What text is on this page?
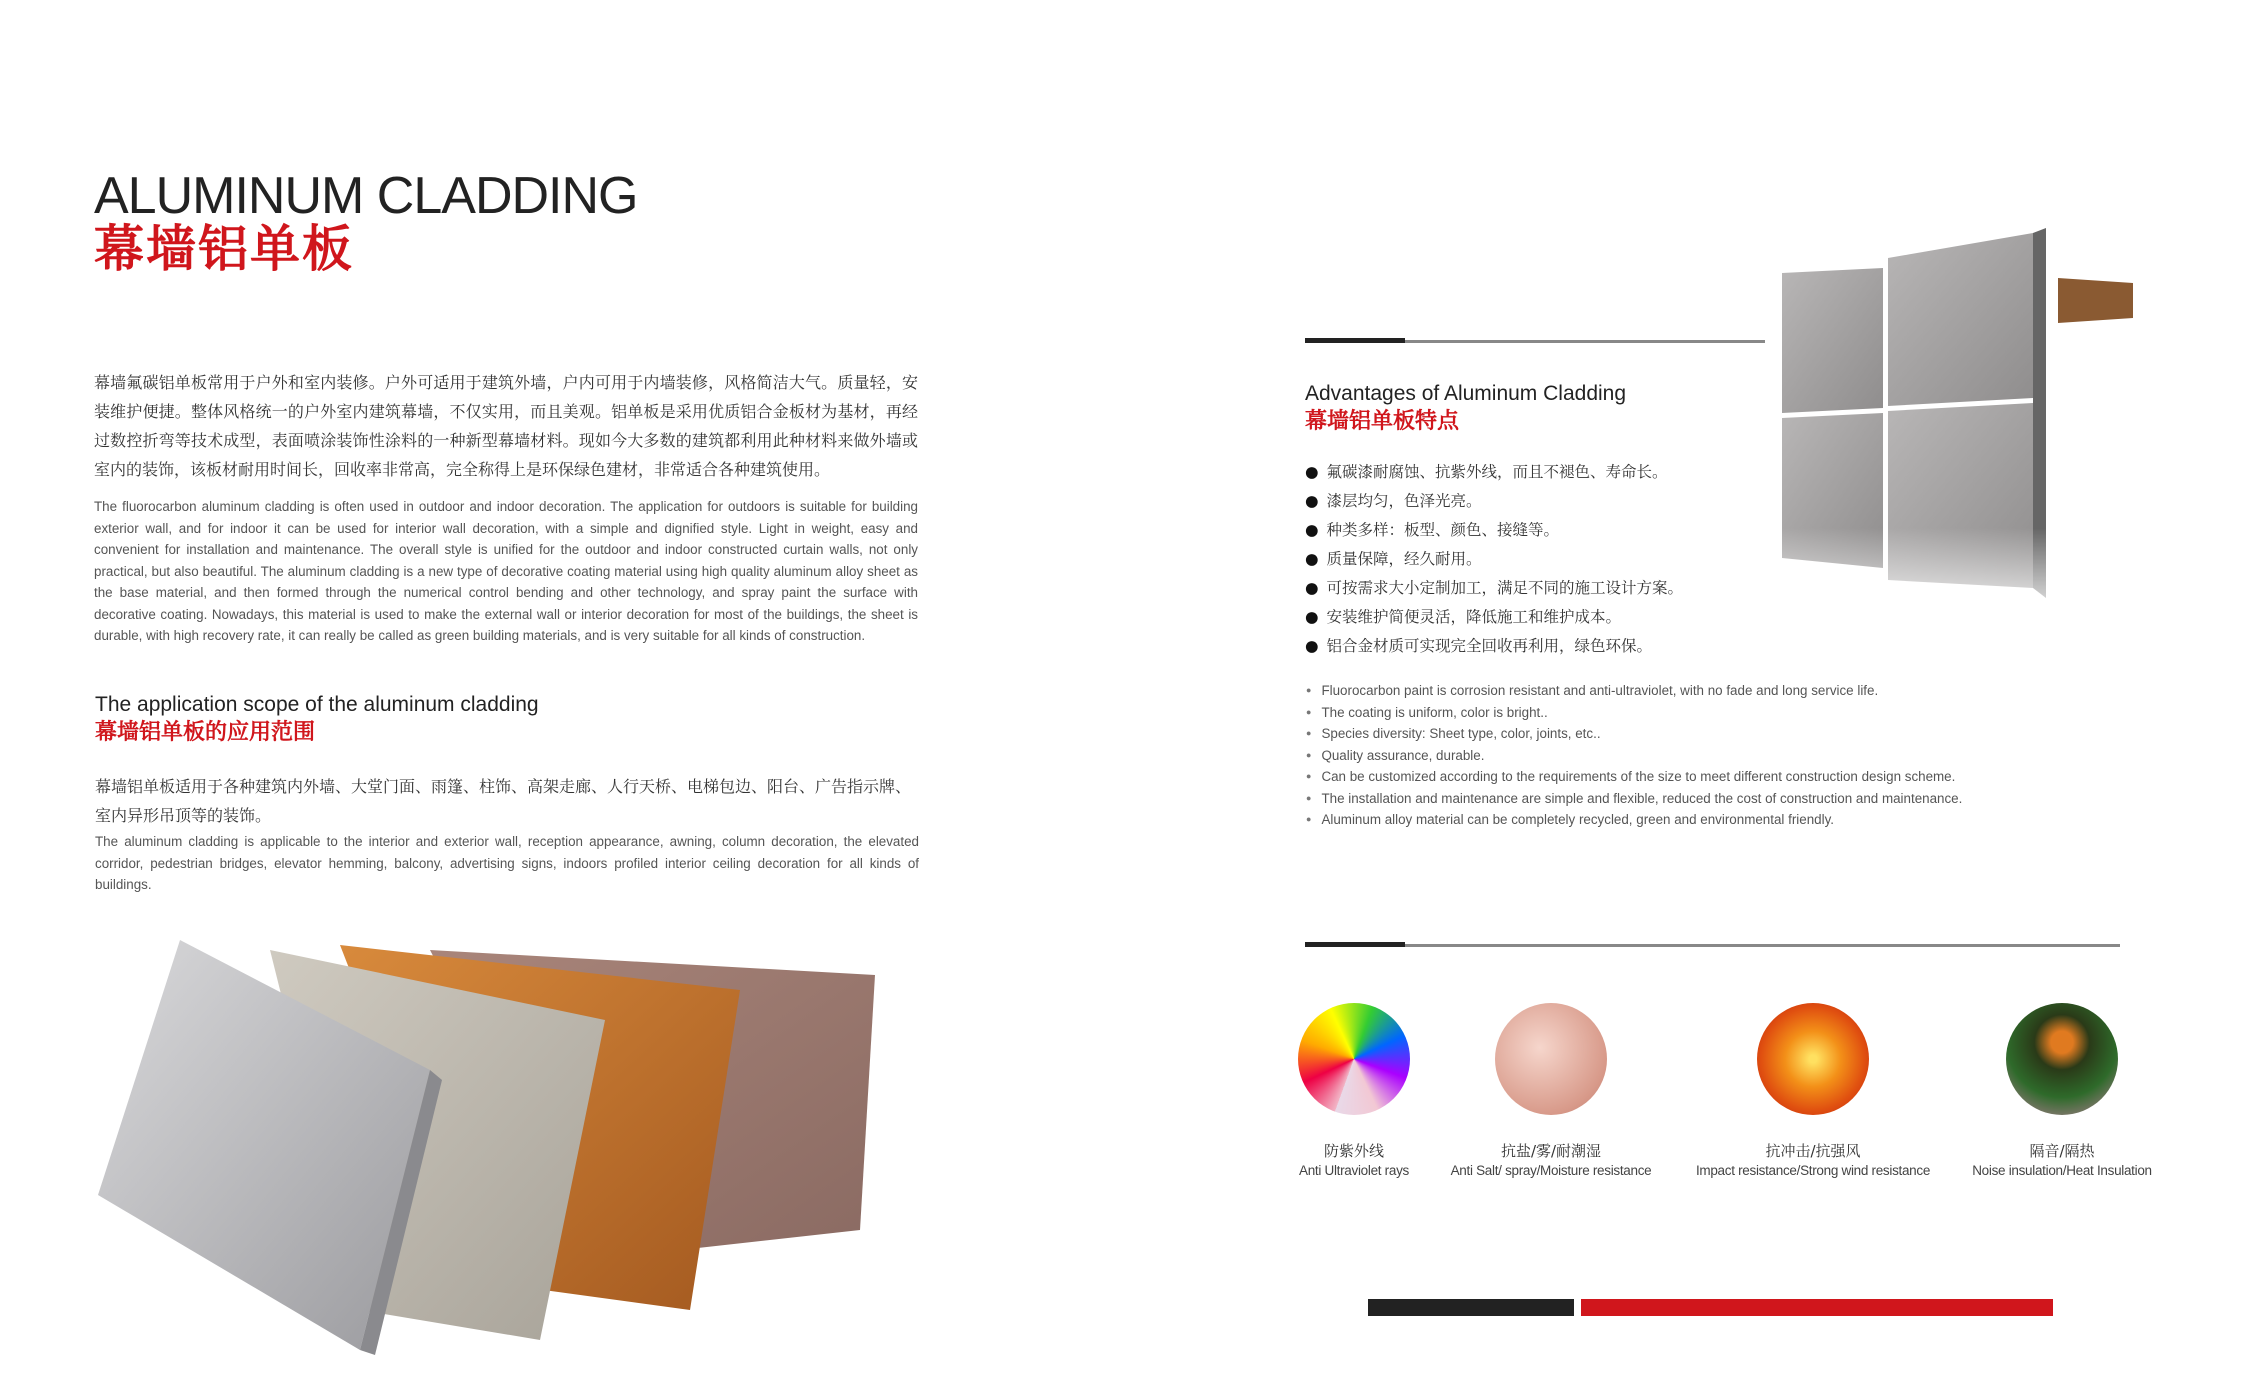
ALUMINUM CLADDING
幕墙铝单板
幕墙氟碳铝单板常用于户外和室内装修。户外可适用于建筑外墙，户内可用于内墙装修，风格简洁大气。质量轻，安装维护便捷。整体风格统一的户外室内建筑幕墙，不仅实用，而且美观。铝单板是采用优质铝合金板材为基材，再经过数控折弯等技术成型，表面喷涂装饰性涂料的一种新型幕墙材料。现如今大多数的建筑都利用此种材料来做外墙或室内的装饰，该板材耐用时间长，回收率非常高，完全称得上是环保绿色建材，非常适合各种建筑使用。
The fluorocarbon aluminum cladding is often used in outdoor and indoor decoration. The application for outdoors is suitable for building exterior wall, and for indoor it can be used for interior wall decoration, with a simple and dignified style. Light in weight, easy and convenient for installation and maintenance. The overall style is unified for the outdoor and indoor constructed curtain walls, not only practical, but also beautiful. The aluminum cladding is a new type of decorative coating material using high quality aluminum alloy sheet as the base material, and then formed through the numerical control bending and other technology, and spray paint the surface with decorative coating. Nowadays, this material is used to make the external wall or interior decoration for most of the buildings, the sheet is durable, with high recovery rate, it can really be called as green building materials, and is very suitable for all kinds of construction.
The application scope of the aluminum cladding
幕墙铝单板的应用范围
幕墙铝单板适用于各种建筑内外墙、大堂门面、雨篷、柱饰、高架走廊、人行天桥、电梯包边、阳台、广告指示牌、室内异形吊顶等的装饰。
The aluminum cladding is applicable to the interior and exterior wall, reception appearance, awning, column decoration, the elevated corridor, pedestrian bridges, elevator hemming, balcony, advertising signs, indoors profiled interior ceiling decoration for all kinds of buildings.
Advantages of Aluminum Cladding
幕墙铝单板特点
● 氟碳漆耐腐蚀、抗紫外线，而且不褪色、寿命长。
● 漆层均匀，色泽光亮。
● 种类多样：板型、颜色、接缝等。
● 质量保障，经久耐用。
● 可按需求大小定制加工，满足不同的施工设计方案。
● 安装维护简便灵活，降低施工和维护成本。
● 铝合金材质可实现完全回收再利用，绿色环保。
● Fluorocarbon paint is corrosion resistant and anti-ultraviolet, with no fade and long service life.
● The coating is uniform, color is bright..
● Species diversity: Sheet type, color, joints, etc..
● Quality assurance, durable.
● Can be customized according to the requirements of the size to meet different construction design scheme.
● The installation and maintenance are simple and flexible, reduced the cost of construction and maintenance.
● Aluminum alloy material can be completely recycled, green and environmental friendly.
防紫外线
Anti Ultraviolet rays
抗盐/雾/耐潮湿
Anti Salt/ spray/Moisture resistance
抗冲击/抗强风
Impact resistance/Strong wind resistance
隔音/隔热
Noise insulation/Heat Insulation
